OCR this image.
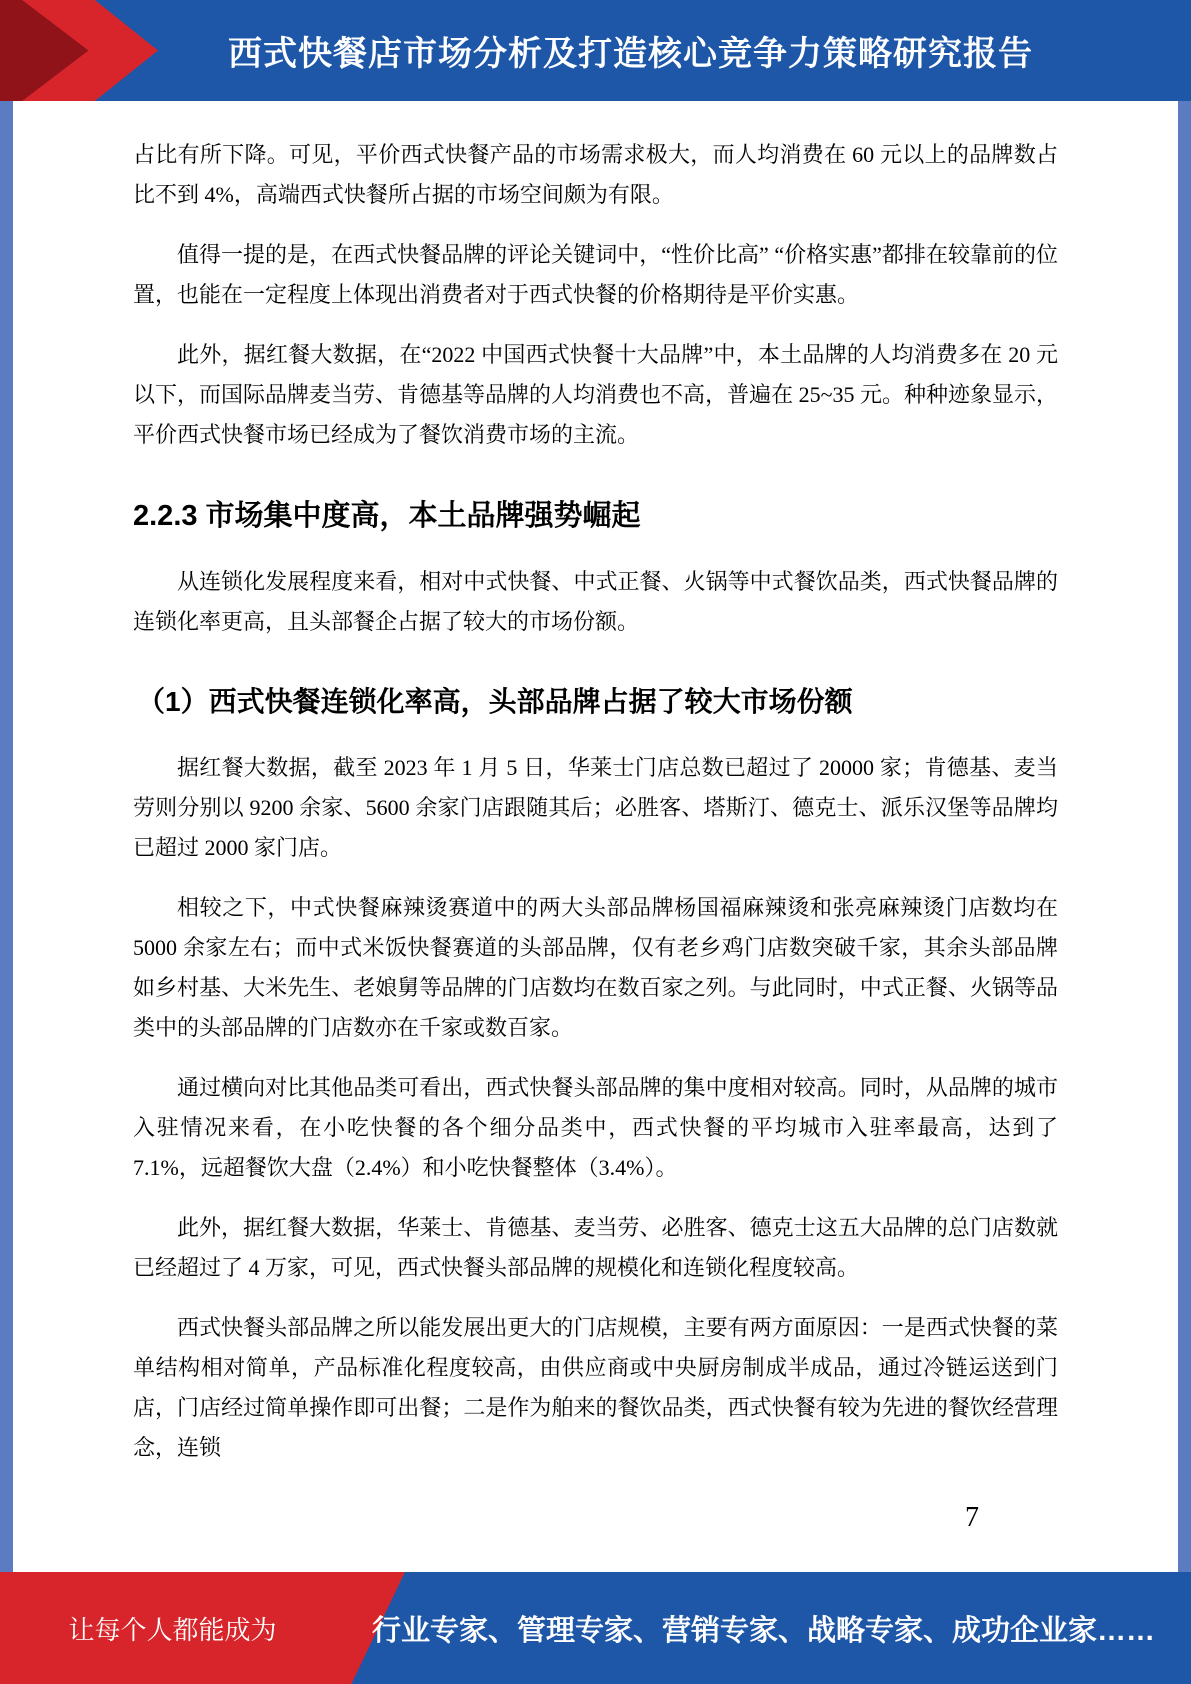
西式快餐店市场分析及打造核心竞争力策略研究报告

占比有所下降。可见，平价西式快餐产品的市场需求极大，而人均消费在 60 元以上的品牌数占比不到 4%，高端西式快餐所占据的市场空间颇为有限。

值得一提的是，在西式快餐品牌的评论关键词中，“性价比高” “价格实惠”都排在较靠前的位置，也能在一定程度上体现出消费者对于西式快餐的价格期待是平价实惠。

此外，据红餐大数据，在“2022 中国西式快餐十大品牌”中，本土品牌的人均消费多在 20 元以下，而国际品牌麦当劳、肯德基等品牌的人均消费也不高，普遍在 25~35 元。种种迹象显示，平价西式快餐市场已经成为了餐饮消费市场的主流。

2.2.3 市场集中度高，本土品牌强势崛起

从连锁化发展程度来看，相对中式快餐、中式正餐、火锅等中式餐饮品类，西式快餐品牌的连锁化率更高，且头部餐企占据了较大的市场份额。

（1）西式快餐连锁化率高，头部品牌占据了较大市场份额

据红餐大数据，截至 2023 年 1 月 5 日，华莱士门店总数已超过了 20000 家；肯德基、麦当劳则分别以 9200 余家、5600 余家门店跟随其后；必胜客、塔斯汀、德克士、派乐汉堡等品牌均已超过 2000 家门店。

相较之下，中式快餐麻辣烫赛道中的两大头部品牌杨国福麻辣烫和张亮麻辣烫门店数均在 5000 余家左右；而中式米饭快餐赛道的头部品牌，仅有老乡鸡门店数突破千家，其余头部品牌如乡村基、大米先生、老娘舅等品牌的门店数均在数百家之列。与此同时，中式正餐、火锅等品类中的头部品牌的门店数亦在千家或数百家。

通过横向对比其他品类可看出，西式快餐头部品牌的集中度相对较高。同时，从品牌的城市入驻情况来看，在小吃快餐的各个细分品类中，西式快餐的平均城市入驻率最高，达到了 7.1%，远超餐饮大盘（2.4%）和小吃快餐整体（3.4%）。

此外，据红餐大数据，华莱士、肯德基、麦当劳、必胜客、德克士这五大品牌的总门店数就已经超过了 4 万家，可见，西式快餐头部品牌的规模化和连锁化程度较高。

西式快餐头部品牌之所以能发展出更大的门店规模，主要有两方面原因：一是西式快餐的菜单结构相对简单，产品标准化程度较高，由供应商或中央厨房制成半成品，通过冷链运送到门店，门店经过简单操作即可出餐；二是作为舶来的餐饮品类，西式快餐有较为先进的餐饮经营理念，连锁

7
让每个人都能成为	行业专家、管理专家、营销专家、战略专家、成功企业家……
